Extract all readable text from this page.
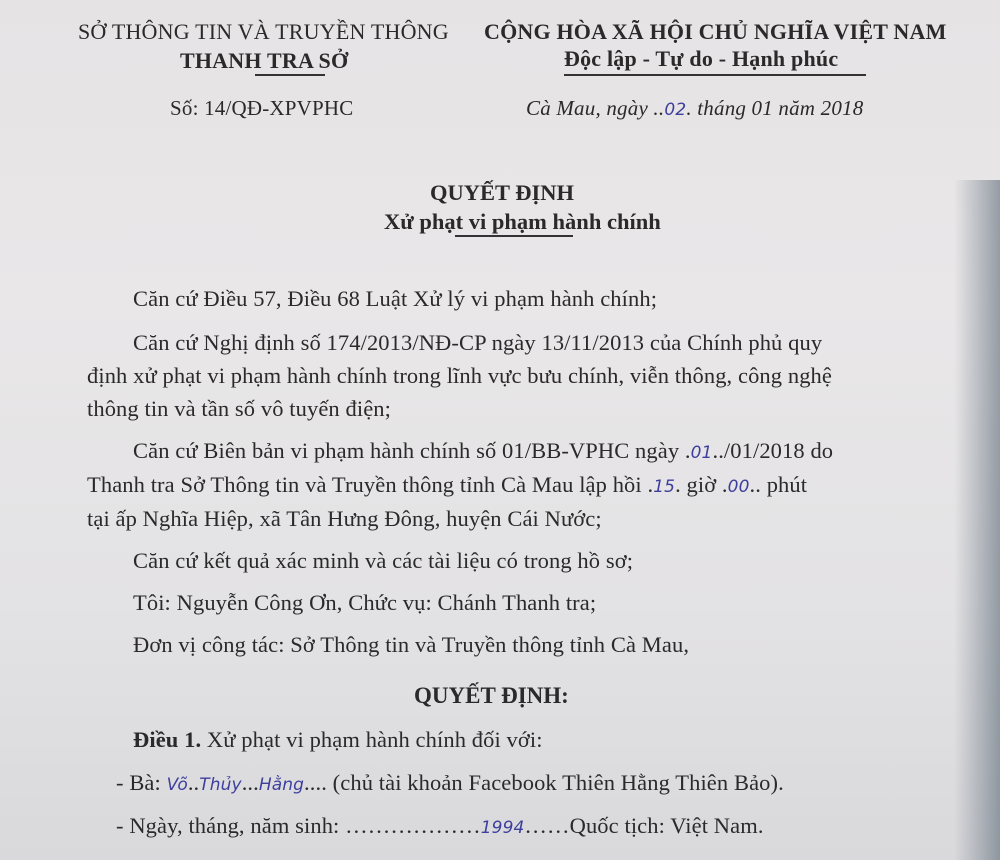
SỞ THÔNG TIN VÀ TRUYỀN THÔNG
THANH TRA SỞ
Số: 14/QĐ-XPVPHC
CỘNG HÒA XÃ HỘI CHỦ NGHĨA VIỆT NAM
Độc lập - Tự do - Hạnh phúc
Cà Mau, ngày ..02. tháng 01 năm 2018
QUYẾT ĐỊNH
Xử phạt vi phạm hành chính
Căn cứ Điều 57, Điều 68 Luật Xử lý vi phạm hành chính;
Căn cứ Nghị định số 174/2013/NĐ-CP ngày 13/11/2013 của Chính phủ quy
định xử phạt vi phạm hành chính trong lĩnh vực bưu chính, viễn thông, công nghệ
thông tin và tần số vô tuyến điện;
Căn cứ Biên bản vi phạm hành chính số 01/BB-VPHC ngày .01../01/2018 do
Thanh tra Sở Thông tin và Truyền thông tỉnh Cà Mau lập hồi .15. giờ .00.. phút
tại ấp Nghĩa Hiệp, xã Tân Hưng Đông, huyện Cái Nước;
Căn cứ kết quả xác minh và các tài liệu có trong hồ sơ;
Tôi: Nguyễn Công Ơn, Chức vụ: Chánh Thanh tra;
Đơn vị công tác: Sở Thông tin và Truyền thông tỉnh Cà Mau,
QUYẾT ĐỊNH:
Điều 1. Xử phạt vi phạm hành chính đối với:
- Bà: Võ..Thủy...Hằng.... (chủ tài khoản Facebook Thiên Hằng Thiên Bảo).
- Ngày, tháng, năm sinh: ………………1994……Quốc tịch: Việt Nam.
